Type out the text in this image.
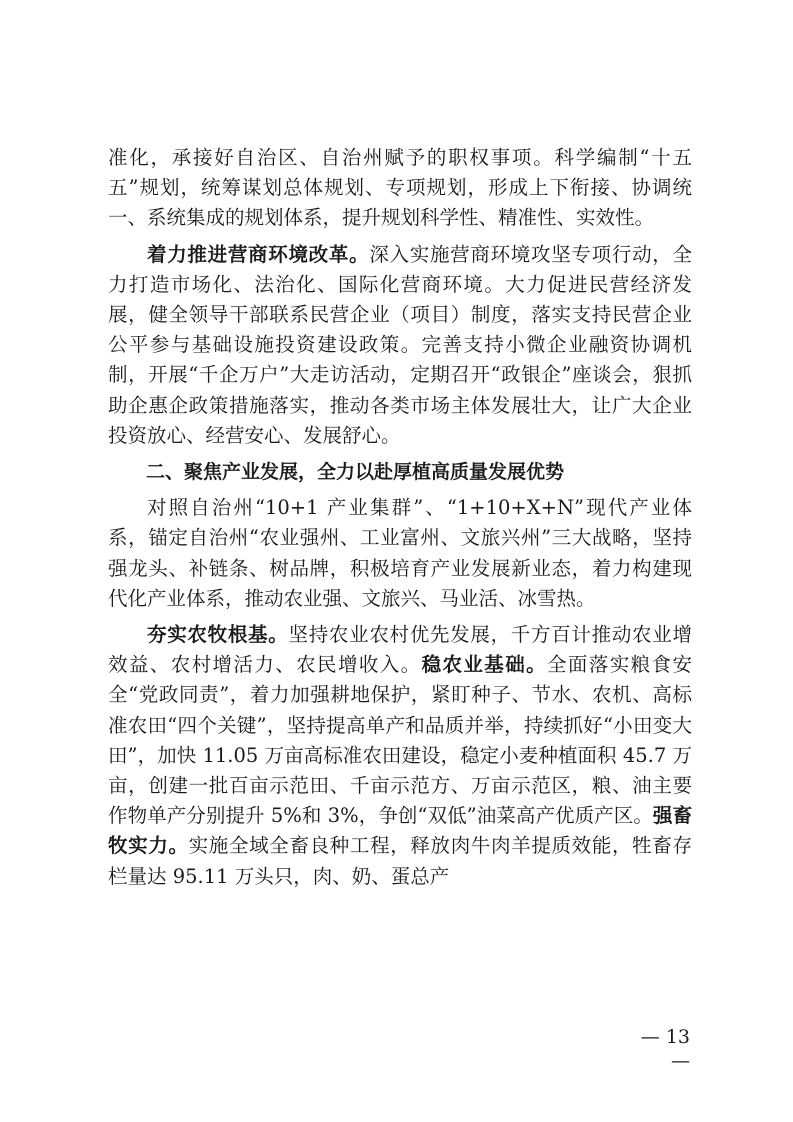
准化，承接好自治区、自治州赋予的职权事项。科学编制“十五五”规划，统筹谋划总体规划、专项规划，形成上下衔接、协调统一、系统集成的规划体系，提升规划科学性、精准性、实效性。

着力推进营商环境改革。深入实施营商环境攻坚专项行动，全力打造市场化、法治化、国际化营商环境。大力促进民营经济发展，健全领导干部联系民营企业（项目）制度，落实支持民营企业公平参与基础设施投资建设政策。完善支持小微企业融资协调机制，开展“千企万户”大走访活动，定期召开“政银企”座谈会，狠抓助企惠企政策措施落实，推动各类市场主体发展壮大，让广大企业投资放心、经营安心、发展舒心。

二、聚焦产业发展，全力以赴厚植高质量发展优势

对照自治州“10+1 产业集群”、“1+10+X+N”现代产业体系，锚定自治州“农业强州、工业富州、文旅兴州”三大战略，坚持强龙头、补链条、树品牌，积极培育产业发展新业态，着力构建现代化产业体系，推动农业强、文旅兴、马业活、冰雪热。

夯实农牧根基。坚持农业农村优先发展，千方百计推动农业增效益、农村增活力、农民增收入。稳农业基础。全面落实粮食安全“党政同责”，着力加强耕地保护，紧盯种子、节水、农机、高标准农田“四个关键”，坚持提高单产和品质并举，持续抓好“小田变大田”，加快 11.05 万亩高标准农田建设，稳定小麦种植面积 45.7 万亩，创建一批百亩示范田、千亩示范方、万亩示范区，粮、油主要作物单产分别提升 5%和 3%，争创“双低”油菜高产优质产区。强畜牧实力。实施全域全畜良种工程，释放肉牛肉羊提质效能，牲畜存栏量达 95.11 万头只，肉、奶、蛋总产

— 13 —
